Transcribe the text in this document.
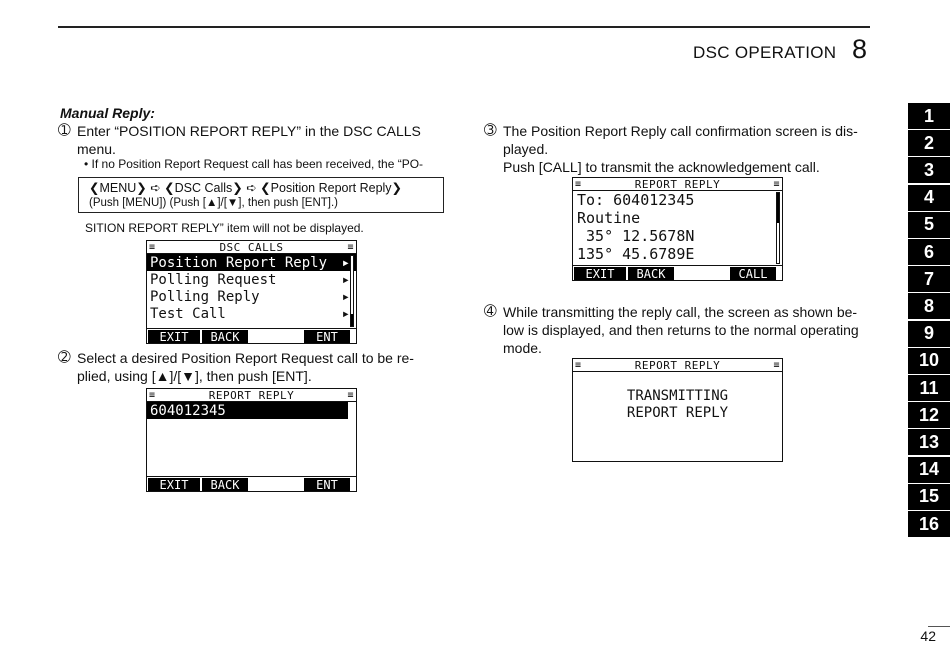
DSC OPERATION 8
Manual Reply:
➀ Enter “POSITION REPORT REPLY” in the DSC CALLS
menu.
• If no Position Report Request call has been received, the “PO-
❮MENU❯ ➪ ❮DSC Calls❯ ➪ ❮Position Report Reply❯
(Push [MENU]) (Push [▲]/[▼], then push [ENT].)
SITION REPORT REPLY” item will not be displayed.
≡	DSC CALLS	≡
Position Report Reply ▸
Polling Request	▸
Polling Reply	▸
Test Call	▸
EXIT	BACK	ENT
➁ Select a desired Position Report Request call to be re-
plied, using [▲]/[▼], then push [ENT].
≡	REPORT REPLY	≡
604012345
EXIT	BACK	ENT
➂ The Position Report Reply call confirmation screen is dis-
played.
Push [CALL] to transmit the acknowledgement call.
≡	REPORT REPLY	≡
To: 604012345
Routine
35° 12.5678N
135° 45.6789E
EXIT	BACK	CALL
➃ While transmitting the reply call, the screen as shown be-
low is displayed, and then returns to the normal operating
mode.
≡	REPORT REPLY	≡
TRANSMITTING
REPORT REPLY
1
2
3
4
5
6
7
8
9
10
11
12
13
14
15
16
42
